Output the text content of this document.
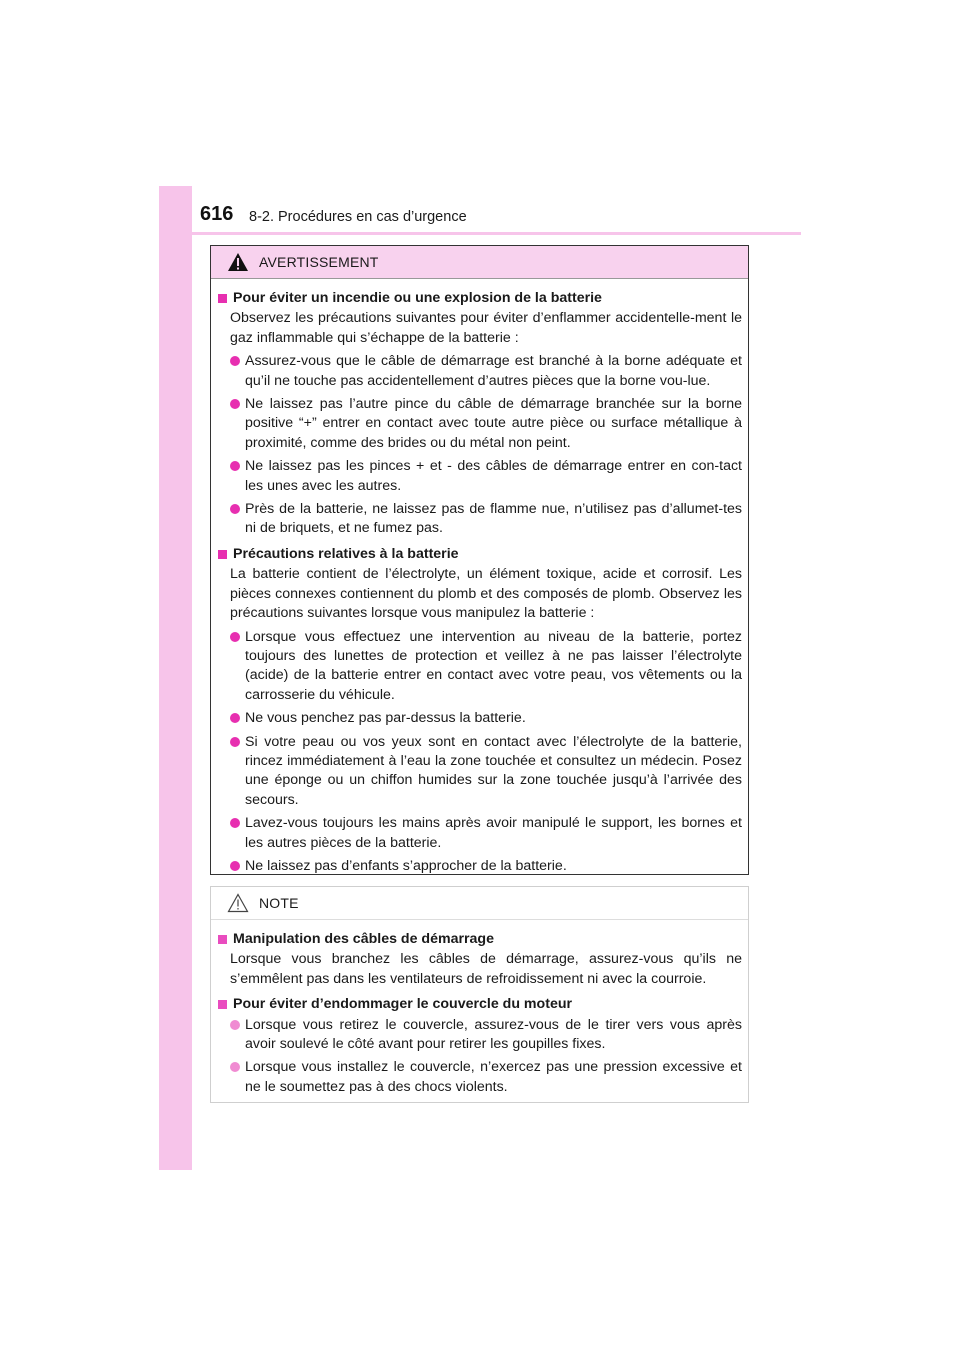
616 8-2. Procédures en cas d’urgence
AVERTISSEMENT
Pour éviter un incendie ou une explosion de la batterie
Observez les précautions suivantes pour éviter d’enflammer accidentelle-ment le gaz inflammable qui s’échappe de la batterie :
Assurez-vous que le câble de démarrage est branché à la borne adéquate et qu’il ne touche pas accidentellement d’autres pièces que la borne vou-lue.
Ne laissez pas l’autre pince du câble de démarrage branchée sur la borne positive “+” entrer en contact avec toute autre pièce ou surface métallique à proximité, comme des brides ou du métal non peint.
Ne laissez pas les pinces + et - des câbles de démarrage entrer en con-tact les unes avec les autres.
Près de la batterie, ne laissez pas de flamme nue, n’utilisez pas d’allumet-tes ni de briquets, et ne fumez pas.
Précautions relatives à la batterie
La batterie contient de l’électrolyte, un élément toxique, acide et corrosif. Les pièces connexes contiennent du plomb et des composés de plomb. Observez les précautions suivantes lorsque vous manipulez la batterie :
Lorsque vous effectuez une intervention au niveau de la batterie, portez toujours des lunettes de protection et veillez à ne pas laisser l’électrolyte (acide) de la batterie entrer en contact avec votre peau, vos vêtements ou la carrosserie du véhicule.
Ne vous penchez pas par-dessus la batterie.
Si votre peau ou vos yeux sont en contact avec l’électrolyte de la batterie, rincez immédiatement à l’eau la zone touchée et consultez un médecin. Posez une éponge ou un chiffon humides sur la zone touchée jusqu’à l’arrivée des secours.
Lavez-vous toujours les mains après avoir manipulé le support, les bornes et les autres pièces de la batterie.
Ne laissez pas d’enfants s’approcher de la batterie.
NOTE
Manipulation des câbles de démarrage
Lorsque vous branchez les câbles de démarrage, assurez-vous qu’ils ne s’emmêlent pas dans les ventilateurs de refroidissement ni avec la courroie.
Pour éviter d’endommager le couvercle du moteur
Lorsque vous retirez le couvercle, assurez-vous de le tirer vers vous après avoir soulevé le côté avant pour retirer les goupilles fixes.
Lorsque vous installez le couvercle, n’exercez pas une pression excessive et ne le soumettez pas à des chocs violents.
